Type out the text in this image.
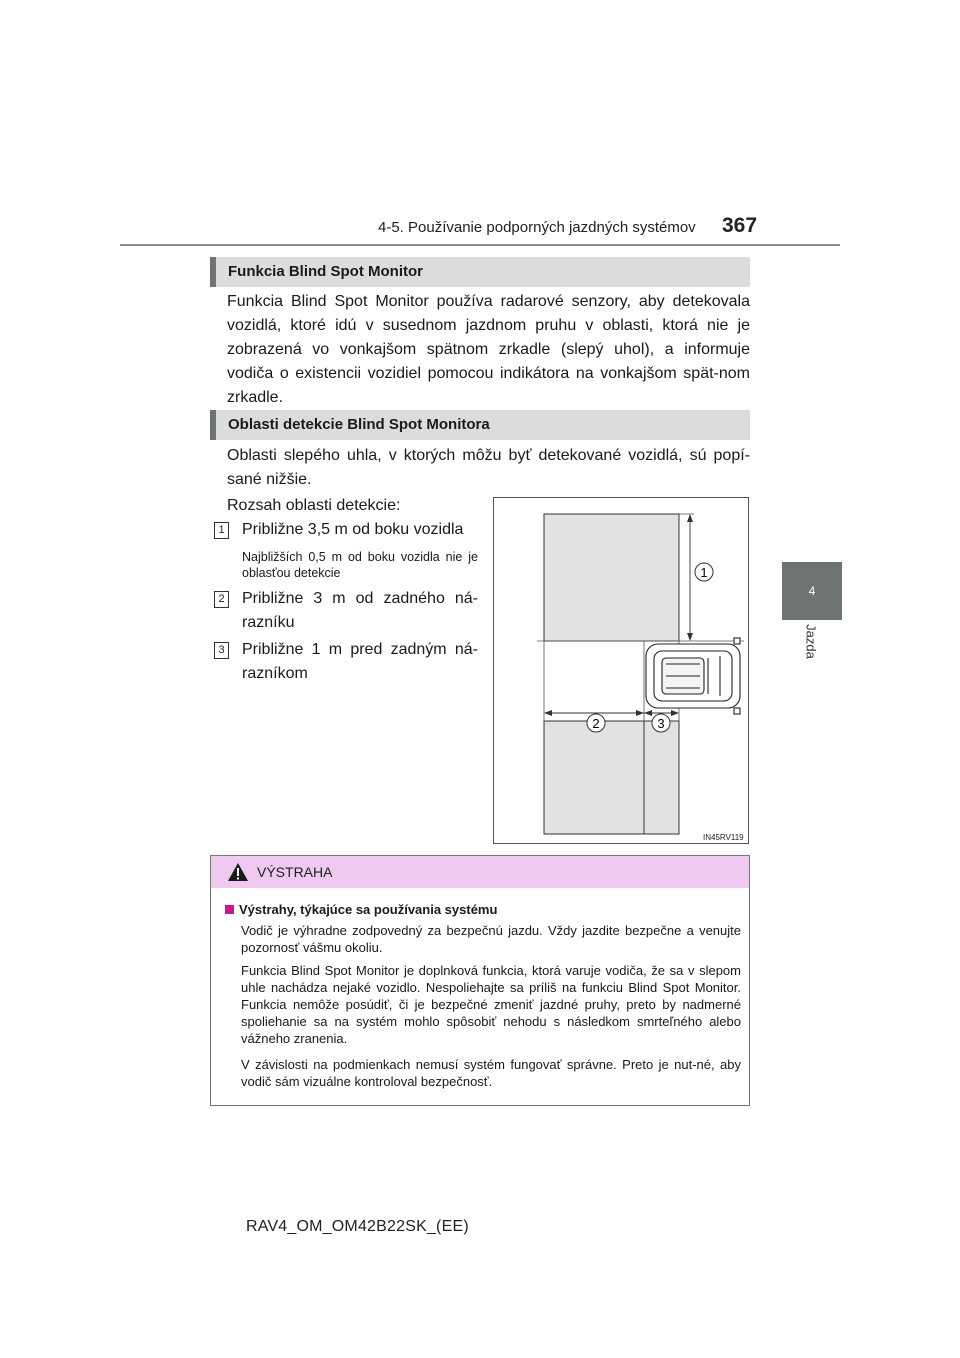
4-5. Používanie podporných jazdných systémov 367
4
Jazda
Funkcia Blind Spot Monitor

Funkcia Blind Spot Monitor používa radarové senzory, aby detekovala vozidlá, ktoré idú v susednom jazdnom pruhu v oblasti, ktorá nie je zobrazená vo vonkajšom spätnom zrkadle (slepý uhol), a informuje vodiča o existencii vozidiel pomocou indikátora na vonkajšom spät-nom zrkadle.

Oblasti detekcie Blind Spot Monitora

Oblasti slepého uhla, v ktorých môžu byť detekované vozidlá, sú popí-sané nižšie.

Rozsah oblasti detekcie:
1 Približne 3,5 m od boku vozidla
Najbližších 0,5 m od boku vozidla nie je oblasťou detekcie
2 Približne 3 m od zadného ná-razníku
3 Približne 1 m pred zadným ná-razníkom
1
2	3
IN45RV119
VÝSTRAHA
Výstrahy, týkajúce sa používania systému

Vodič je výhradne zodpovedný za bezpečnú jazdu. Vždy jazdite bezpečne a venujte pozornosť vášmu okoliu.

Funkcia Blind Spot Monitor je doplnková funkcia, ktorá varuje vodiča, že sa v slepom uhle nachádza nejaké vozidlo. Nespoliehajte sa príliš na funkciu Blind Spot Monitor. Funkcia nemôže posúdiť, či je bezpečné zmeniť jazdné pruhy, preto by nadmerné spoliehanie sa na systém mohlo spôsobiť nehodu s následkom smrteľného alebo vážneho zranenia.

V závislosti na podmienkach nemusí systém fungovať správne. Preto je nut-né, aby vodič sám vizuálne kontroloval bezpečnosť.

RAV4_OM_OM42B22SK_(EE)
